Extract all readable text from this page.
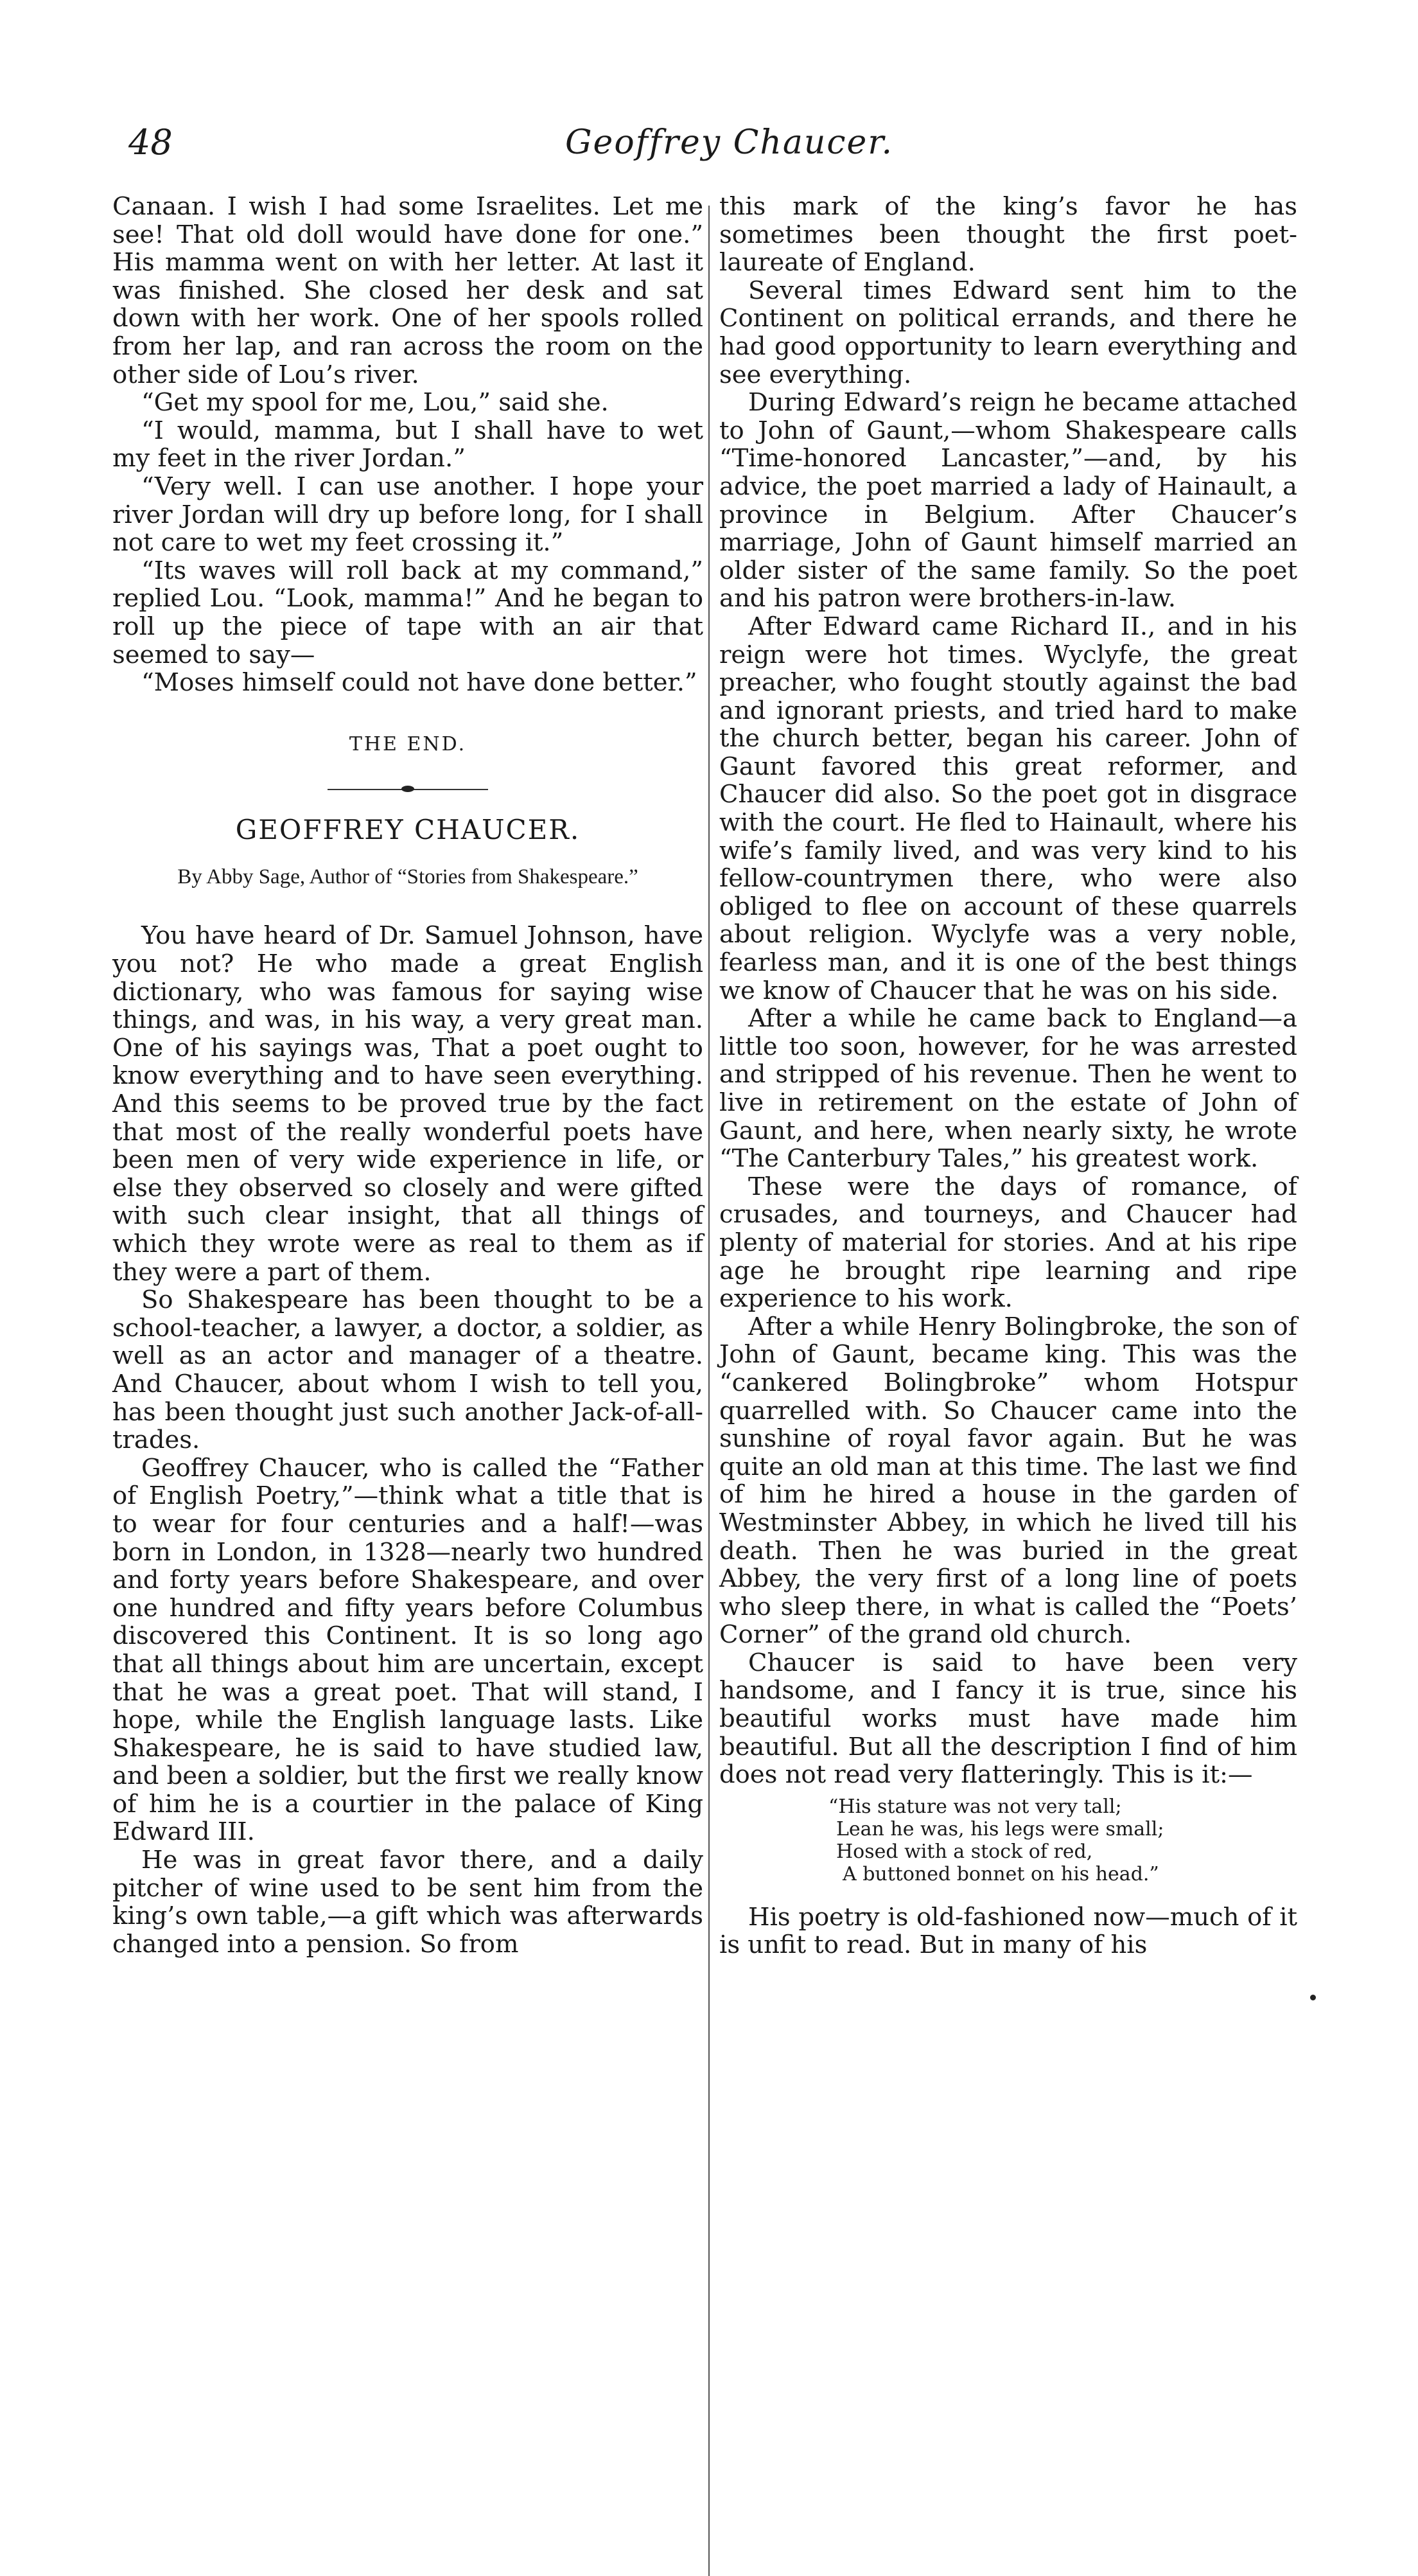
48	Geoffrey Chaucer.

Canaan. I wish I had some Israelites. Let me see! That old doll would have done for one.” His mamma went on with her letter. At last it was finished. She closed her desk and sat down with her work. One of her spools rolled from her lap, and ran across the room on the other side of Lou’s river.

“Get my spool for me, Lou,” said she.

“I would, mamma, but I shall have to wet my feet in the river Jordan.”

“Very well. I can use another. I hope your river Jordan will dry up before long, for I shall not care to wet my feet crossing it.”

“Its waves will roll back at my command,” replied Lou. “Look, mamma!” And he began to roll up the piece of tape with an air that seemed to say—

“Moses himself could not have done better.”

THE END.
GEOFFREY CHAUCER.
By Abby Sage, Author of “Stories from Shakespeare.”

You have heard of Dr. Samuel Johnson, have you not? He who made a great English dictionary, who was famous for saying wise things, and was, in his way, a very great man. One of his sayings was, That a poet ought to know everything and to have seen everything. And this seems to be proved true by the fact that most of the really wonderful poets have been men of very wide experience in life, or else they observed so closely and were gifted with such clear insight, that all things of which they wrote were as real to them as if they were a part of them.

So Shakespeare has been thought to be a school-teacher, a lawyer, a doctor, a soldier, as well as an actor and manager of a theatre. And Chaucer, about whom I wish to tell you, has been thought just such another Jack-of-all-trades.

Geoffrey Chaucer, who is called the “Father of English Poetry,”—think what a title that is to wear for four centuries and a half!—was born in London, in 1328—nearly two hundred and forty years before Shakespeare, and over one hundred and fifty years before Columbus discovered this Continent. It is so long ago that all things about him are uncertain, except that he was a great poet. That will stand, I hope, while the English language lasts. Like Shakespeare, he is said to have studied law, and been a soldier, but the first we really know of him he is a courtier in the palace of King Edward III.

He was in great favor there, and a daily pitcher of wine used to be sent him from the king’s own table,—a gift which was afterwards changed into a pension. So from

this mark of the king’s favor he has sometimes been thought the first poet-laureate of England.

Several times Edward sent him to the Continent on political errands, and there he had good opportunity to learn everything and see everything.

During Edward’s reign he became attached to John of Gaunt,—whom Shakespeare calls “Time-honored Lancaster,”—and, by his advice, the poet married a lady of Hainault, a province in Belgium. After Chaucer’s marriage, John of Gaunt himself married an older sister of the same family. So the poet and his patron were brothers-in-law.

After Edward came Richard II., and in his reign were hot times. Wyclyfe, the great preacher, who fought stoutly against the bad and ignorant priests, and tried hard to make the church better, began his career. John of Gaunt favored this great reformer, and Chaucer did also. So the poet got in disgrace with the court. He fled to Hainault, where his wife’s family lived, and was very kind to his fellow-countrymen there, who were also obliged to flee on account of these quarrels about religion. Wyclyfe was a very noble, fearless man, and it is one of the best things we know of Chaucer that he was on his side.

After a while he came back to England—a little too soon, however, for he was arrested and stripped of his revenue. Then he went to live in retirement on the estate of John of Gaunt, and here, when nearly sixty, he wrote “The Canterbury Tales,” his greatest work.

These were the days of romance, of crusades, and tourneys, and Chaucer had plenty of material for stories. And at his ripe age he brought ripe learning and ripe experience to his work.

After a while Henry Bolingbroke, the son of John of Gaunt, became king. This was the “cankered Bolingbroke” whom Hotspur quarrelled with. So Chaucer came into the sunshine of royal favor again. But he was quite an old man at this time. The last we find of him he hired a house in the garden of Westminster Abbey, in which he lived till his death. Then he was buried in the great Abbey, the very first of a long line of poets who sleep there, in what is called the “Poets’ Corner” of the grand old church.

Chaucer is said to have been very handsome, and I fancy it is true, since his beautiful works must have made him beautiful. But all the description I find of him does not read very flatteringly. This is it:—

“His stature was not very tall;
Lean he was, his legs were small;
Hosed with a stock of red,
A buttoned bonnet on his head.”

His poetry is old-fashioned now—much of it is unfit to read. But in many of his
